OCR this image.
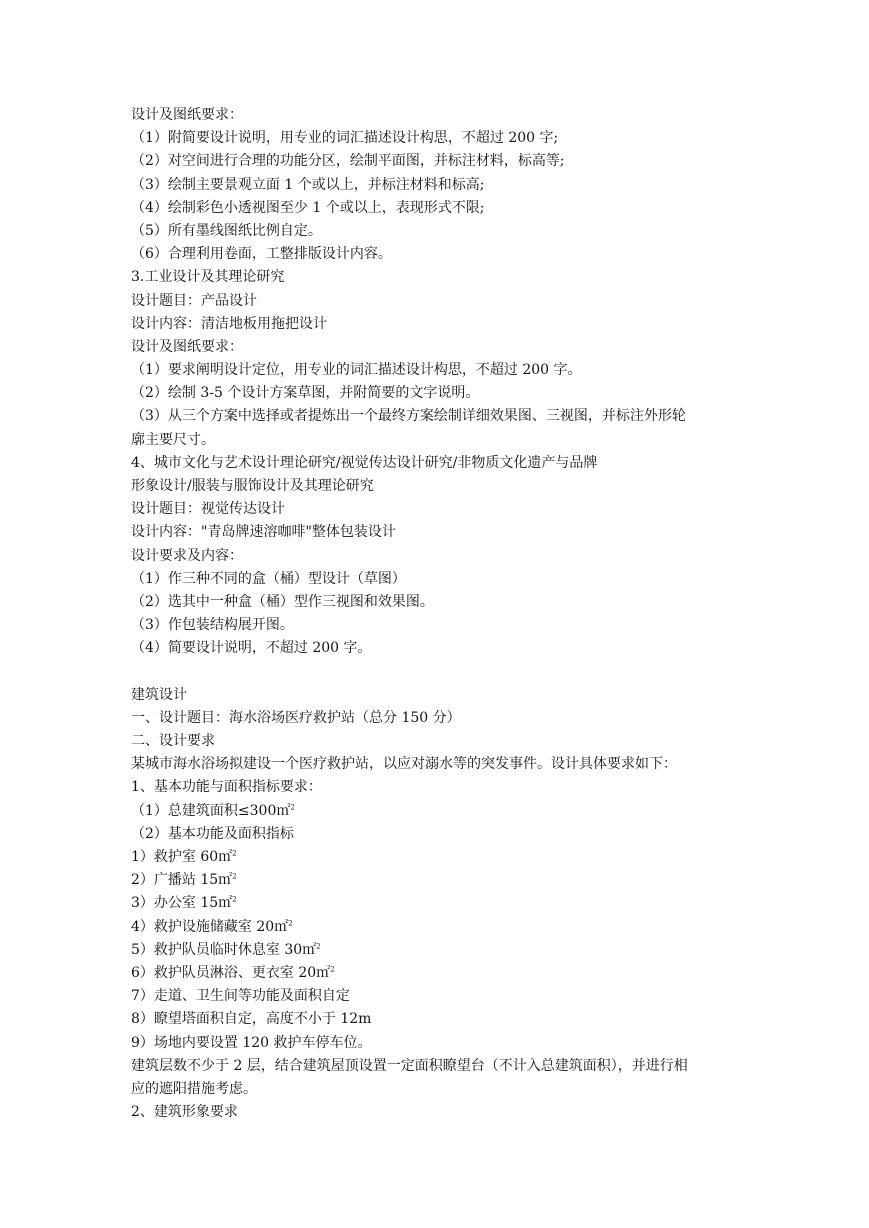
设计及图纸要求：

（1）附简要设计说明，用专业的词汇描述设计构思，不超过 200 字;

（2）对空间进行合理的功能分区，绘制平面图，并标注材料，标高等;

（3）绘制主要景观立面 1 个或以上，并标注材料和标高;

（4）绘制彩色小透视图至少 1 个或以上，表现形式不限;

（5）所有墨线图纸比例自定。

（6）合理利用卷面，工整排版设计内容。

3.工业设计及其理论研究

设计题目：产品设计

设计内容：清洁地板用拖把设计

设计及图纸要求：

（1）要求阐明设计定位，用专业的词汇描述设计构思，不超过 200 字。

（2）绘制 3-5 个设计方案草图，并附简要的文字说明。

（3）从三个方案中选择或者提炼出一个最终方案绘制详细效果图、三视图，并标注外形轮

廓主要尺寸。

4、城市文化与艺术设计理论研究/视觉传达设计研究/非物质文化遗产与品牌

形象设计/服装与服饰设计及其理论研究

设计题目：视觉传达设计

设计内容："青岛牌速溶咖啡"整体包装设计

设计要求及内容：

（1）作三种不同的盒（桶）型设计（草图）

（2）选其中一种盒（桶）型作三视图和效果图。

（3）作包装结构展开图。

（4）简要设计说明，不超过 200 字。

建筑设计

一、设计题目：海水浴场医疗救护站（总分 150 分）

二、设计要求

某城市海水浴场拟建设一个医疗救护站，以应对溺水等的突发事件。设计具体要求如下：

1、基本功能与面积指标要求：

（1）总建筑面积≤300㎡$^2$

（2）基本功能及面积指标

1）救护室 60㎡$^2$

2）广播站 15㎡$^2$

3）办公室 15㎡$^2$

4）救护设施储藏室 20㎡$^2$

5）救护队员临时休息室 30㎡$^2$

6）救护队员淋浴、更衣室 20㎡$^2$

7）走道、卫生间等功能及面积自定

8）瞭望塔面积自定，高度不小于 12m

9）场地内要设置 120 救护车停车位。

建筑层数不少于 2 层，结合建筑屋顶设置一定面积瞭望台（不计入总建筑面积），并进行相

应的遮阳措施考虑。

2、建筑形象要求
